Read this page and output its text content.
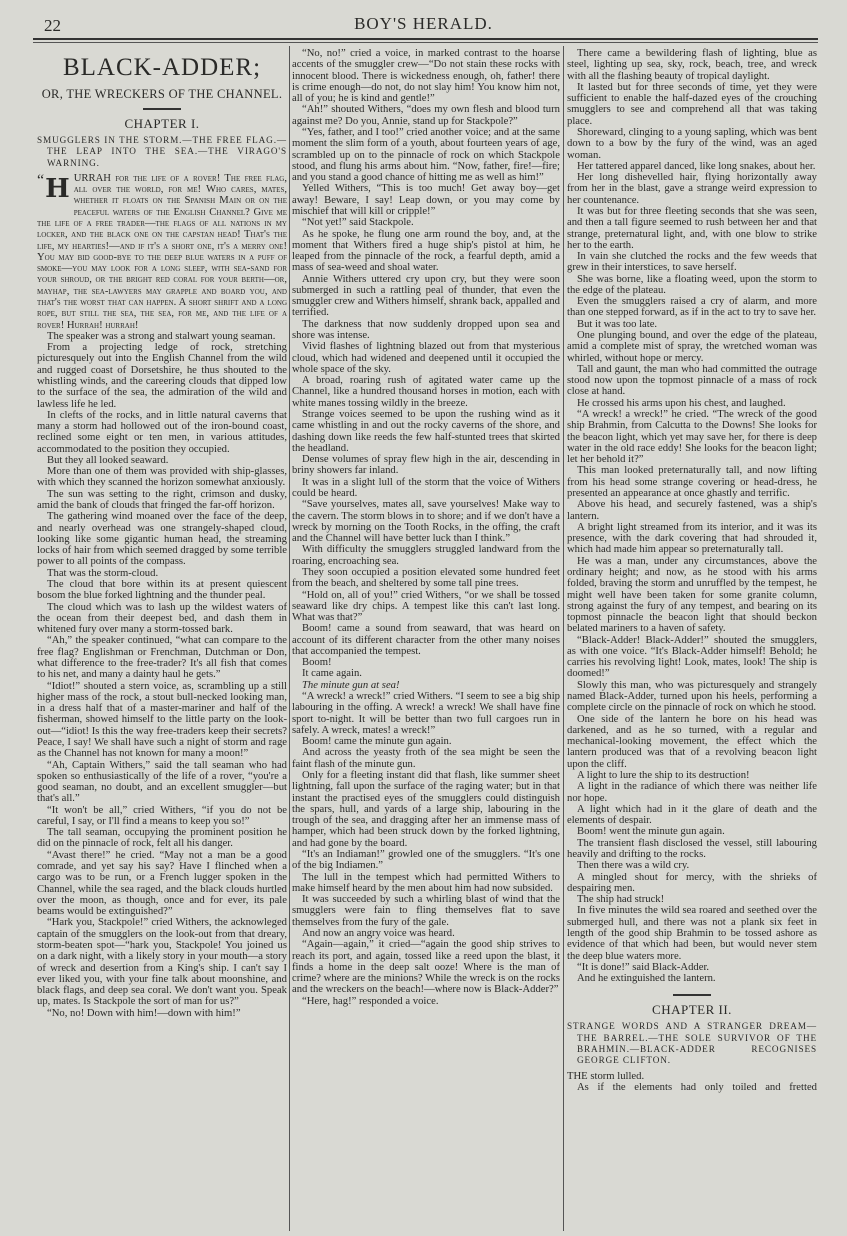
22	BOY'S HERALD.
BLACK-ADDER;
OR, THE WRECKERS OF THE CHANNEL.
CHAPTER I.
SMUGGLERS IN THE STORM.—THE FREE FLAG.—THE LEAP INTO THE SEA.—THE VIRAGO'S WARNING.
“ H URRAH for the life of a rover! The free flag, all over the world, for me! Who cares, mates, whether it floats on the Spanish Main or on the peaceful waters of the English Channel? Give me the life of a free trader—the flags of all nations in my locker, and the black one on the capstan head! That's the life, my hearties!—and if it's a short one, it's a merry one! You may bid good-bye to the deep blue waters in a puff of smoke—you may look for a long sleep, with sea-sand for your shroud, or the bright red coral for your berth—or, mayhap, the sea-lawyers may grapple and board you, and that's the worst that can happen. A short shrift and a long rope, but still the sea, the sea, for me, and the life of a rover! Hurrah! hurrah!

The speaker was a strong and stalwart young seaman.

From a projecting ledge of rock, stretching picturesquely out into the English Channel from the wild and rugged coast of Dorsetshire, he thus shouted to the whistling winds, and the careering clouds that dipped low to the surface of the sea, the admiration of the wild and lawless life he led.

In clefts of the rocks, and in little natural caverns that many a storm had hollowed out of the iron-bound coast, reclined some eight or ten men, in various attitudes, accommodated to the position they occupied.

But they all looked seaward.

More than one of them was provided with ship-glasses, with which they scanned the horizon somewhat anxiously.

The sun was setting to the right, crimson and dusky, amid the bank of clouds that fringed the far-off horizon.

The gathering wind moaned over the face of the deep, and nearly overhead was one strangely-shaped cloud, looking like some gigantic human head, the streaming locks of hair from which seemed dragged by some terrible power to all points of the compass.

That was the storm-cloud.

The cloud that bore within its at present quiescent bosom the blue forked lightning and the thunder peal.

The cloud which was to lash up the wildest waters of the ocean from their deepest bed, and dash them in whitened fury over many a storm-tossed bark.

“Ah,” the speaker continued, “what can compare to the free flag? Englishman or Frenchman, Dutchman or Don, what difference to the free-trader? It's all fish that comes to his net, and many a dainty haul he gets.”

“Idiot!” shouted a stern voice, as, scrambling up a still higher mass of the rock, a stout bull-necked looking man, in a dress half that of a master-mariner and half of the fisherman, showed himself to the little party on the look-out—“idiot! Is this the way free-traders keep their secrets? Peace, I say! We shall have such a night of storm and rage as the Channel has not known for many a moon!”

“Ah, Captain Withers,” said the tall seaman who had spoken so enthusiastically of the life of a rover, “you're a good seaman, no doubt, and an excellent smuggler—but that's all.”

“It won't be all,” cried Withers, “if you do not be careful, I say, or I'll find a means to keep you so!”

The tall seaman, occupying the prominent position he did on the pinnacle of rock, felt all his danger.

“Avast there!” he cried. “May not a man be a good comrade, and yet say his say? Have I flinched when a cargo was to be run, or a French lugger spoken in the Channel, while the sea raged, and the black clouds hurtled over the moon, as though, once and for ever, its pale beams would be extinguished?”

“Hark you, Stackpole!” cried Withers, the acknowleged captain of the smugglers on the look-out from that dreary, storm-beaten spot—“hark you, Stackpole! You joined us on a dark night, with a likely story in your mouth—a story of wreck and desertion from a King's ship. I can't say I ever liked you, with your fine talk about moonshine, and black flags, and deep sea coral. We don't want you. Speak up, mates. Is Stackpole the sort of man for us?”

“No, no! Down with him!—down with him!”

“No, no!” cried a voice, in marked contrast to the hoarse accents of the smuggler crew—“Do not stain these rocks with innocent blood. There is wickedness enough, oh, father! there is crime enough—do not, do not slay him! You know him not, all of you; he is kind and gentle!”

“Ah!” shouted Withers, “does my own flesh and blood turn against me? Do you, Annie, stand up for Stackpole?”

“Yes, father, and I too!” cried another voice; and at the same moment the slim form of a youth, about fourteen years of age, scrambled up on to the pinnacle of rock on which Stackpole stood, and flung his arms about him. “Now, father, fire!—fire; and you stand a good chance of hitting me as well as him!”

Yelled Withers, “This is too much! Get away boy—get away! Beware, I say! Leap down, or you may come by mischief that will kill or cripple!”

“Not yet!” said Stackpole.

As he spoke, he flung one arm round the boy, and, at the moment that Withers fired a huge ship's pistol at him, he leaped from the pinnacle of the rock, a fearful depth, amid a mass of sea-weed and shoal water.

Annie Withers uttered cry upon cry, but they were soon submerged in such a rattling peal of thunder, that even the smuggler crew and Withers himself, shrank back, appalled and terrified.

The darkness that now suddenly dropped upon sea and shore was intense.

Vivid flashes of lightning blazed out from that mysterious cloud, which had widened and deepened until it occupied the whole space of the sky.

A broad, roaring rush of agitated water came up the Channel, like a hundred thousand horses in motion, each with white manes tossing wildly in the breeze.

Strange voices seemed to be upon the rushing wind as it came whistling in and out the rocky caverns of the shore, and dashing down like reeds the few half-stunted trees that skirted the headland.

Dense volumes of spray flew high in the air, descending in briny showers far inland.

It was in a slight lull of the storm that the voice of Withers could be heard.

“Save yourselves, mates all, save yourselves! Make way to the cavern. The storm blows in to shore; and if we don't have a wreck by morning on the Tooth Rocks, in the offing, the craft and the Channel will have better luck than I think.”

With difficulty the smugglers struggled landward from the roaring, encroaching sea.

They soon occupied a position elevated some hundred feet from the beach, and sheltered by some tall pine trees.

“Hold on, all of you!” cried Withers, “or we shall be tossed seaward like dry chips. A tempest like this can't last long. What was that?”

Boom! came a sound from seaward, that was heard on account of its different character from the other many noises that accompanied the tempest.

Boom!

It came again.

The minute gun at sea!

“A wreck! a wreck!” cried Withers. “I seem to see a big ship labouring in the offing. A wreck! a wreck! We shall have fine sport to-night. It will be better than two full cargoes run in safely. A wreck, mates! a wreck!”

Boom! came the minute gun again.

And across the yeasty froth of the sea might be seen the faint flash of the minute gun.

Only for a fleeting instant did that flash, like summer sheet lightning, fall upon the surface of the raging water; but in that instant the practised eyes of the smugglers could distinguish the spars, hull, and yards of a large ship, labouring in the trough of the sea, and dragging after her an immense mass of hamper, which had been struck down by the forked lightning, and had gone by the board.

“It's an Indiaman!” growled one of the smugglers. “It's one of the big Indiamen.”

The lull in the tempest which had permitted Withers to make himself heard by the men about him had now subsided.

It was succeeded by such a whirling blast of wind that the smugglers were fain to fling themselves flat to save themselves from the fury of the gale.

And now an angry voice was heard.

“Again—again,” it cried—“again the good ship strives to reach its port, and again, tossed like a reed upon the blast, it finds a home in the deep salt ooze! Where is the man of crime? where are the minions? While the wreck is on the rocks and the wreckers on the beach!—where now is Black-Adder?”

“Here, hag!” responded a voice.

There came a bewildering flash of lighting, blue as steel, lighting up sea, sky, rock, beach, tree, and wreck with all the flashing beauty of tropical daylight.

It lasted but for three seconds of time, yet they were sufficient to enable the half-dazed eyes of the crouching smugglers to see and comprehend all that was taking place.

Shoreward, clinging to a young sapling, which was bent down to a bow by the fury of the wind, was an aged woman.

Her tattered apparel danced, like long snakes, about her.

Her long dishevelled hair, flying horizontally away from her in the blast, gave a strange weird expression to her countenance.

It was but for three fleeting seconds that she was seen, and then a tall figure seemed to rush between her and that strange, preternatural light, and, with one blow to strike her to the earth.

In vain she clutched the rocks and the few weeds that grew in their interstices, to save herself.

She was borne, like a floating weed, upon the storm to the edge of the plateau.

Even the smugglers raised a cry of alarm, and more than one stepped forward, as if in the act to try to save her.

But it was too late.

One plunging bound, and over the edge of the plateau, amid a complete mist of spray, the wretched woman was whirled, without hope or mercy.

Tall and gaunt, the man who had committed the outrage stood now upon the topmost pinnacle of a mass of rock close at hand.

He crossed his arms upon his chest, and laughed.

“A wreck! a wreck!” he cried. “The wreck of the good ship Brahmin, from Calcutta to the Downs! She looks for the beacon light, which yet may save her, for there is deep water in the old race eddy! She looks for the beacon light; let her behold it?”

This man looked preternaturally tall, and now lifting from his head some strange covering or head-dress, he presented an appearance at once ghastly and terrific.

Above his head, and securely fastened, was a ship's lantern.

A bright light streamed from its interior, and it was its presence, with the dark covering that had shrouded it, which had made him appear so preternaturally tall.

He was a man, under any circumstances, above the ordinary height; and now, as he stood with his arms folded, braving the storm and unruffled by the tempest, he might well have been taken for some granite column, strong against the fury of any tempest, and bearing on its topmost pinnacle the beacon light that should beckon belated mariners to a haven of safety.

“Black-Adder! Black-Adder!” shouted the smugglers, as with one voice. “It's Black-Adder himself! Behold; he carries his revolving light! Look, mates, look! The ship is doomed!”

Slowly this man, who was picturesquely and strangely named Black-Adder, turned upon his heels, performing a complete circle on the pinnacle of rock on which he stood.

One side of the lantern he bore on his head was darkened, and as he so turned, with a regular and mechanical-looking movement, the effect which the lantern produced was that of a revolving beacon light upon the cliff.

A light to lure the ship to its destruction!

A light in the radiance of which there was neither life nor hope.

A light which had in it the glare of death and the elements of despair.

Boom! went the minute gun again.

The transient flash disclosed the vessel, still labouring heavily and drifting to the rocks.

Then there was a wild cry.

A mingled shout for mercy, with the shrieks of despairing men.

The ship had struck!

In five minutes the wild sea roared and seethed over the submerged hull, and there was not a plank six feet in length of the good ship Brahmin to be tossed ashore as evidence of that which had been, but would never stem the deep blue waters more.

“It is done!” said Black-Adder.

And he extinguished the lantern.

CHAPTER II.
STRANGE WORDS AND A STRANGER DREAM—THE BARREL.—THE SOLE SURVIVOR OF THE BRAHMIN.—BLACK-ADDER RECOGNISES GEORGE CLIFTON.

THE storm lulled.

As if the elements had only toiled and fretted
